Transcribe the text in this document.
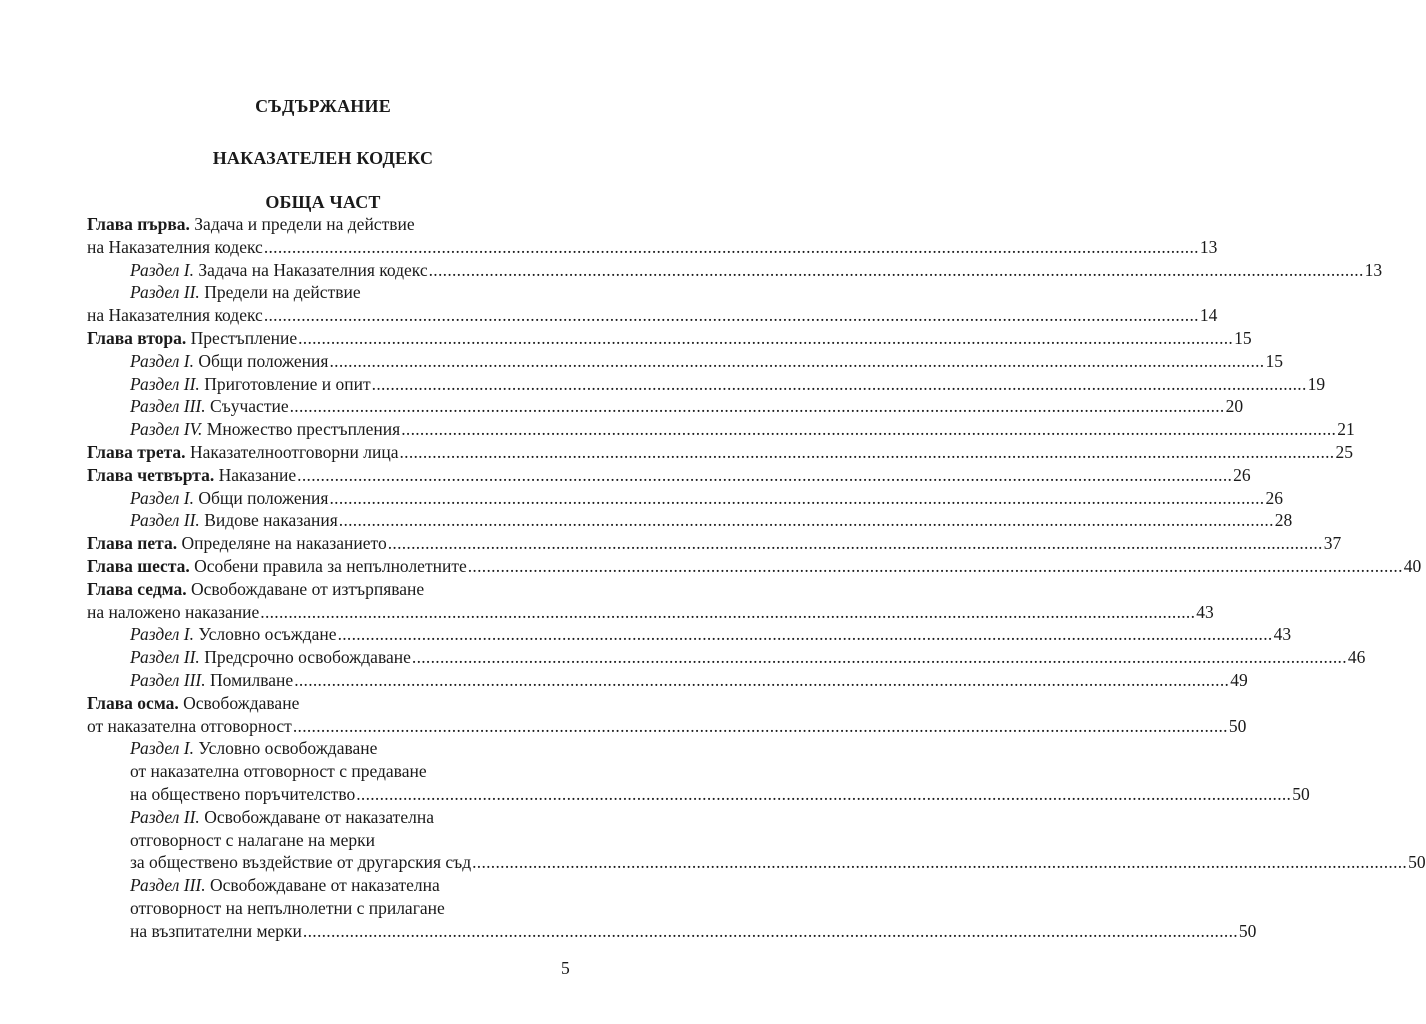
СЪДЪРЖАНИЕ
НАКАЗАТЕЛЕН КОДЕКС
ОБЩА ЧАСТ
Глава първа. Задача и предели на действие
на Наказателния кодекс ........................................................................................................................................................................................................ 13
Раздел I. Задача на Наказателния кодекс ........................................................................................................................................................................................................ 13
Раздел II. Предели на действие
на Наказателния кодекс ........................................................................................................................................................................................................ 14
Глава втора. Престъпление ........................................................................................................................................................................................................ 15
Раздел I. Общи положения ........................................................................................................................................................................................................ 15
Раздел II. Приготовление и опит ........................................................................................................................................................................................................ 19
Раздел III. Съучастие ........................................................................................................................................................................................................ 20
Раздел IV. Множество престъпления ........................................................................................................................................................................................................ 21
Глава трета. Наказателноотговорни лица ........................................................................................................................................................................................................ 25
Глава четвърта. Наказание ........................................................................................................................................................................................................ 26
Раздел I. Общи положения ........................................................................................................................................................................................................ 26
Раздел II. Видове наказания ........................................................................................................................................................................................................ 28
Глава пета. Определяне на наказанието ........................................................................................................................................................................................................ 37
Глава шеста. Особени правила за непълнолетните ........................................................................................................................................................................................................ 40
Глава седма. Освобождаване от изтърпяване
на наложено наказание ........................................................................................................................................................................................................ 43
Раздел I. Условно осъждане ........................................................................................................................................................................................................ 43
Раздел II. Предсрочно освобождаване ........................................................................................................................................................................................................ 46
Раздел III. Помилване ........................................................................................................................................................................................................ 49
Глава осма. Освобождаване
от наказателна отговорност ........................................................................................................................................................................................................ 50
Раздел I. Условно освобождаване
от наказателна отговорност с предаване
на обществено поръчителство ........................................................................................................................................................................................................ 50
Раздел II. Освобождаване от наказателна
отговорност с налагане на мерки
за обществено въздействие от другарския съд ........................................................................................................................................................................................................ 50
Раздел III. Освобождаване от наказателна
отговорност на непълнолетни с прилагане
на възпитателни мерки ........................................................................................................................................................................................................ 50
5
